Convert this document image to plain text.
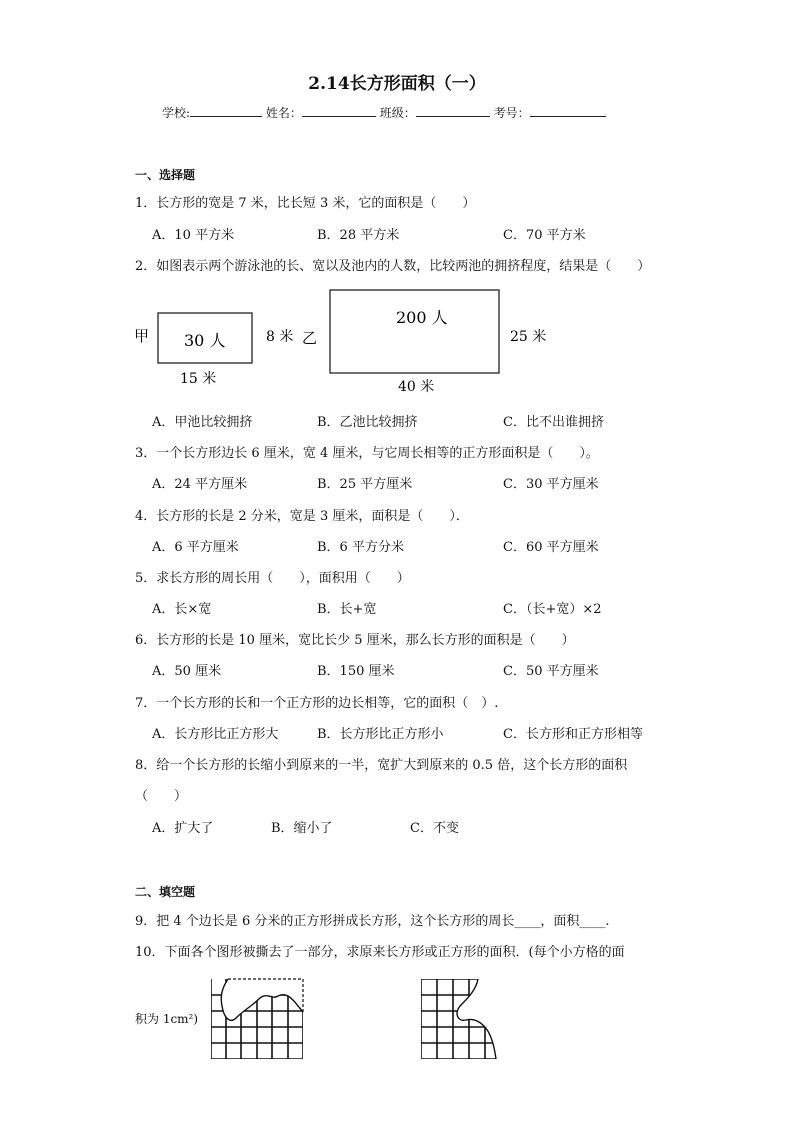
2.14长方形面积（一）
学校:	姓名：	班级：	考号：
一、选择题
1．长方形的宽是 7 米，比长短 3 米，它的面积是（　　）
A．10 平方米	B．28 平方米	C．70 平方米
2．如图表示两个游泳池的长、宽以及池内的人数，比较两池的拥挤程度，结果是（　　）
甲 30 人
15 米
8 米 乙
200 人
25 米
40 米
A．甲池比较拥挤	B．乙池比较拥挤	C．比不出谁拥挤
3．一个长方形边长 6 厘米，宽 4 厘米，与它周长相等的正方形面积是（　　）。
A．24 平方厘米	B．25 平方厘米	C．30 平方厘米
4．长方形的长是 2 分米，宽是 3 厘米，面积是（　　）．
A．6 平方厘米	B．6 平方分米	C．60 平方厘米
5．求长方形的周长用（　　），面积用（　　）
A．长×宽	B．长+宽	C．（长+宽）×2
6．长方形的长是 10 厘米，宽比长少 5 厘米，那么长方形的面积是（　　）
A．50 厘米	B．150 厘米	C．50 平方厘米
7．一个长方形的长和一个正方形的边长相等，它的面积（　）.
A．长方形比正方形大	B．长方形比正方形小	C．长方形和正方形相等
8．给一个长方形的长缩小到原来的一半，宽扩大到原来的 0.5 倍，这个长方形的面积
（　　）
A．扩大了	B．缩小了	C．不变
二、填空题
9．把 4 个边长是 6 分米的正方形拼成长方形，这个长方形的周长____，面积____.
10．下面各个图形被撕去了一部分，求原来长方形或正方形的面积．(每个小方格的面
积为 1cm²)
